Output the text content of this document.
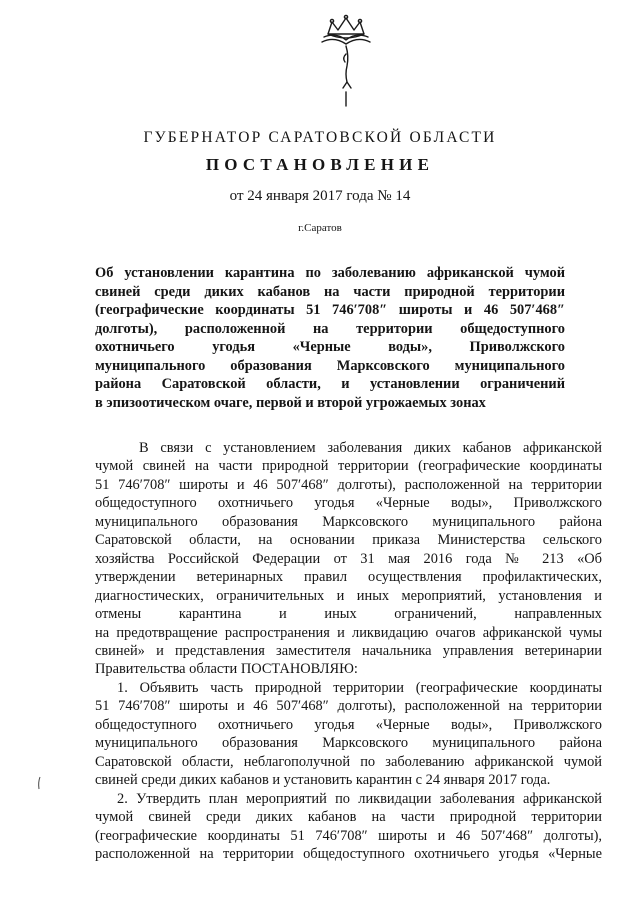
ГУБЕРНАТОР САРАТОВСКОЙ ОБЛАСТИ
ПОСТАНОВЛЕНИЕ
от 24 января 2017 года № 14
г.Саратов
Об установлении карантина по заболеванию африканской чумой
свиней среди диких кабанов на части природной территории
(географические координаты 51 746′708″ широты и 46 507′468″
долготы), расположенной на территории общедоступного
охотничьего угодья «Черные воды», Приволжского
муниципального образования Марксовского муниципального
района Саратовской области, и установлении ограничений
в эпизоотическом очаге, первой и второй угрожаемых зонах
В связи с установлением заболевания диких кабанов африканской
чумой свиней на части природной территории (географические координаты
51 746′708″ широты и 46 507′468″ долготы), расположенной на территории
общедоступного охотничьего угодья «Черные воды», Приволжского
муниципального образования Марксовского муниципального района
Саратовской области, на основании приказа Министерства сельского
хозяйства Российской Федерации от 31 мая 2016 года № 213 «Об
утверждении ветеринарных правил осуществления профилактических,
диагностических, ограничительных и иных мероприятий, установления и
отмены карантина и иных ограничений, направленных
на предотвращение распространения и ликвидацию очагов африканской чумы
свиней» и представления заместителя начальника управления ветеринарии
Правительства области ПОСТАНОВЛЯЮ:
1. Объявить часть природной территории (географические координаты
51 746′708″ широты и 46 507′468″ долготы), расположенной на территории
общедоступного охотничьего угодья «Черные воды», Приволжского
муниципального образования Марксовского муниципального района
Саратовской области, неблагополучной по заболеванию африканской чумой
свиней среди диких кабанов и установить карантин с 24 января 2017 года.
2. Утвердить план мероприятий по ликвидации заболевания африканской
чумой свиней среди диких кабанов на части природной территории
(географические координаты 51 746′708″ широты и 46 507′468″ долготы),
расположенной на территории общедоступного охотничьего угодья «Черные
